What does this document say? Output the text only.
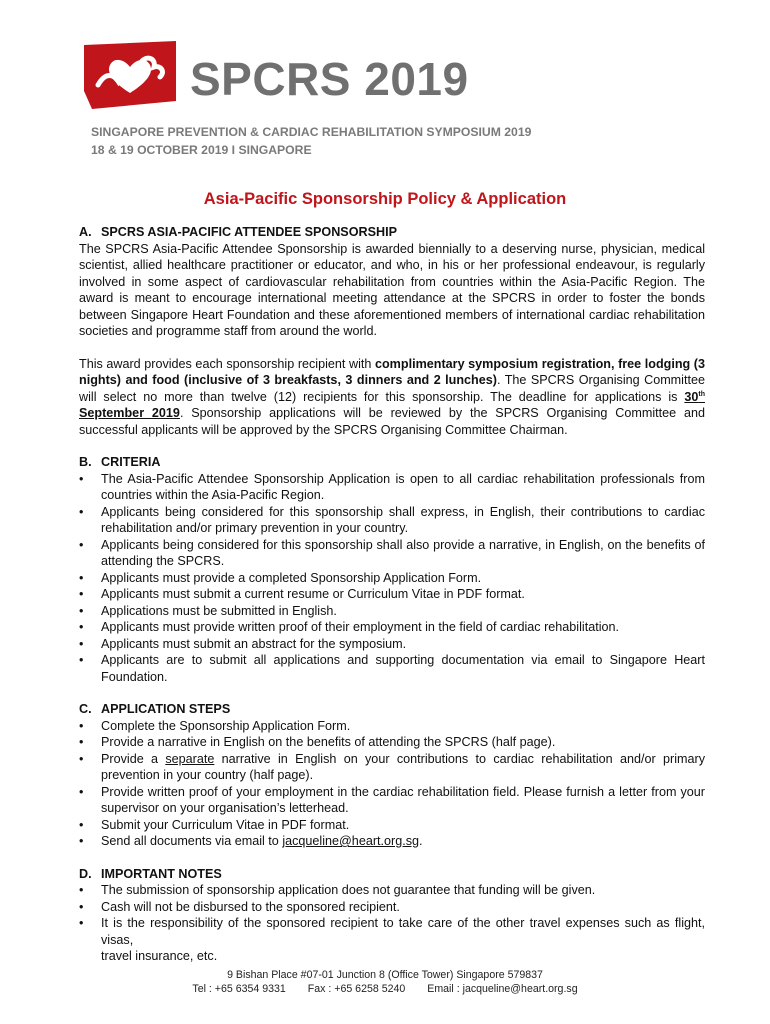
SPCRS 2019
SINGAPORE PREVENTION & CARDIAC REHABILITATION SYMPOSIUM 2019
18 & 19 OCTOBER 2019 I SINGAPORE
Asia-Pacific Sponsorship Policy & Application

A. SPCRS ASIA-PACIFIC ATTENDEE SPONSORSHIP

The SPCRS Asia-Pacific Attendee Sponsorship is awarded biennially to a deserving nurse, physician, medical scientist, allied healthcare practitioner or educator, and who, in his or her professional endeavour, is regularly involved in some aspect of cardiovascular rehabilitation from countries within the Asia-Pacific Region. The award is meant to encourage international meeting attendance at the SPCRS in order to foster the bonds between Singapore Heart Foundation and these aforementioned members of international cardiac rehabilitation societies and programme staff from around the world.

This award provides each sponsorship recipient with complimentary symposium registration, free lodging (3 nights) and food (inclusive of 3 breakfasts, 3 dinners and 2 lunches). The SPCRS Organising Committee will select no more than twelve (12) recipients for this sponsorship. The deadline for applications is 30th September 2019. Sponsorship applications will be reviewed by the SPCRS Organising Committee and successful applicants will be approved by the SPCRS Organising Committee Chairman.

B. CRITERIA

• The Asia-Pacific Attendee Sponsorship Application is open to all cardiac rehabilitation professionals from countries within the Asia-Pacific Region.
• Applicants being considered for this sponsorship shall express, in English, their contributions to cardiac rehabilitation and/or primary prevention in your country.
• Applicants being considered for this sponsorship shall also provide a narrative, in English, on the benefits of attending the SPCRS.
• Applicants must provide a completed Sponsorship Application Form.
• Applicants must submit a current resume or Curriculum Vitae in PDF format.
• Applications must be submitted in English.
• Applicants must provide written proof of their employment in the field of cardiac rehabilitation.
• Applicants must submit an abstract for the symposium.
• Applicants are to submit all applications and supporting documentation via email to Singapore Heart Foundation.

C. APPLICATION STEPS

• Complete the Sponsorship Application Form.
• Provide a narrative in English on the benefits of attending the SPCRS (half page).
• Provide a separate narrative in English on your contributions to cardiac rehabilitation and/or primary prevention in your country (half page).
• Provide written proof of your employment in the cardiac rehabilitation field. Please furnish a letter from your supervisor on your organisation’s letterhead.
• Submit your Curriculum Vitae in PDF format.
• Send all documents via email to jacqueline@heart.org.sg.

D. IMPORTANT NOTES

• The submission of sponsorship application does not guarantee that funding will be given.
• Cash will not be disbursed to the sponsored recipient.
• It is the responsibility of the sponsored recipient to take care of the other travel expenses such as flight, visas,
travel insurance, etc.
9 Bishan Place #07-01 Junction 8 (Office Tower) Singapore 579837
Tel : +65 6354 9331 Fax : +65 6258 5240 Email : jacqueline@heart.org.sg
